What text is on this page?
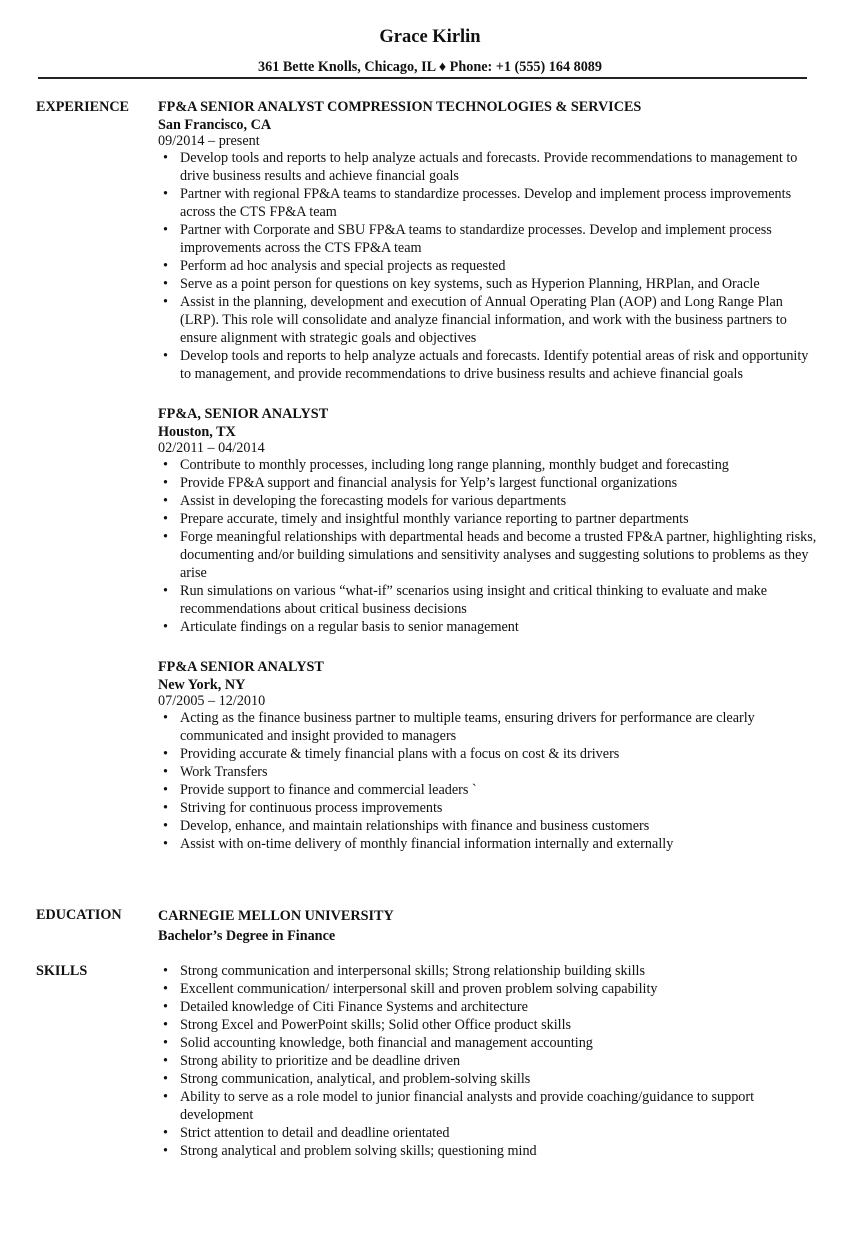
Grace Kirlin
361 Bette Knolls, Chicago, IL ♦ Phone: +1 (555) 164 8089
EXPERIENCE FP&A SENIOR ANALYST COMPRESSION TECHNOLOGIES & SERVICES
San Francisco, CA
09/2014 – present
• Develop tools and reports to help analyze actuals and forecasts. Provide recommendations to management to drive business results and achieve financial goals
• Partner with regional FP&A teams to standardize processes. Develop and implement process improvements across the CTS FP&A team
• Partner with Corporate and SBU FP&A teams to standardize processes. Develop and implement process improvements across the CTS FP&A team
• Perform ad hoc analysis and special projects as requested
• Serve as a point person for questions on key systems, such as Hyperion Planning, HRPlan, and Oracle
• Assist in the planning, development and execution of Annual Operating Plan (AOP) and Long Range Plan (LRP). This role will consolidate and analyze financial information, and work with the business partners to ensure alignment with strategic goals and objectives
• Develop tools and reports to help analyze actuals and forecasts. Identify potential areas of risk and opportunity to management, and provide recommendations to drive business results and achieve financial goals
FP&A, SENIOR ANALYST
Houston, TX
02/2011 – 04/2014
• Contribute to monthly processes, including long range planning, monthly budget and forecasting
• Provide FP&A support and financial analysis for Yelp’s largest functional organizations
• Assist in developing the forecasting models for various departments
• Prepare accurate, timely and insightful monthly variance reporting to partner departments
• Forge meaningful relationships with departmental heads and become a trusted FP&A partner, highlighting risks, documenting and/or building simulations and sensitivity analyses and suggesting solutions to problems as they arise
• Run simulations on various “what-if” scenarios using insight and critical thinking to evaluate and make recommendations about critical business decisions
• Articulate findings on a regular basis to senior management
FP&A SENIOR ANALYST
New York, NY
07/2005 – 12/2010
• Acting as the finance business partner to multiple teams, ensuring drivers for performance are clearly communicated and insight provided to managers
• Providing accurate & timely financial plans with a focus on cost & its drivers
• Work Transfers
• Provide support to finance and commercial leaders `
• Striving for continuous process improvements
• Develop, enhance, and maintain relationships with finance and business customers
• Assist with on-time delivery of monthly financial information internally and externally
EDUCATION	CARNEGIE MELLON UNIVERSITY
Bachelor’s Degree in Finance
SKILLS
•	Strong communication and interpersonal skills; Strong relationship building skills
• Excellent communication/ interpersonal skill and proven problem solving capability
• Detailed knowledge of Citi Finance Systems and architecture
• Strong Excel and PowerPoint skills; Solid other Office product skills
• Solid accounting knowledge, both financial and management accounting
• Strong ability to prioritize and be deadline driven
• Strong communication, analytical, and problem-solving skills
• Ability to serve as a role model to junior financial analysts and provide coaching/guidance to support development
• Strict attention to detail and deadline orientated
• Strong analytical and problem solving skills; questioning mind
